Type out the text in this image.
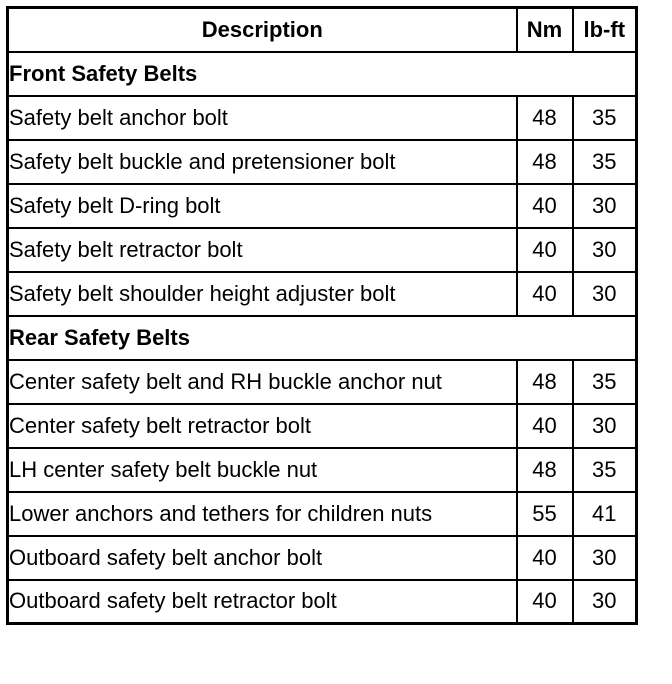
Description	Nm	lb-ft
Front Safety Belts		
Safety belt anchor bolt	48	35
Safety belt buckle and pretensioner bolt	48	35
Safety belt D-ring bolt	40	30
Safety belt retractor bolt	40	30
Safety belt shoulder height adjuster bolt	40	30
Rear Safety Belts		
Center safety belt and RH buckle anchor nut	48	35
Center safety belt retractor bolt	40	30
LH center safety belt buckle nut	48	35
Lower anchors and tethers for children nuts	55	41
Outboard safety belt anchor bolt	40	30
Outboard safety belt retractor bolt	40	30
